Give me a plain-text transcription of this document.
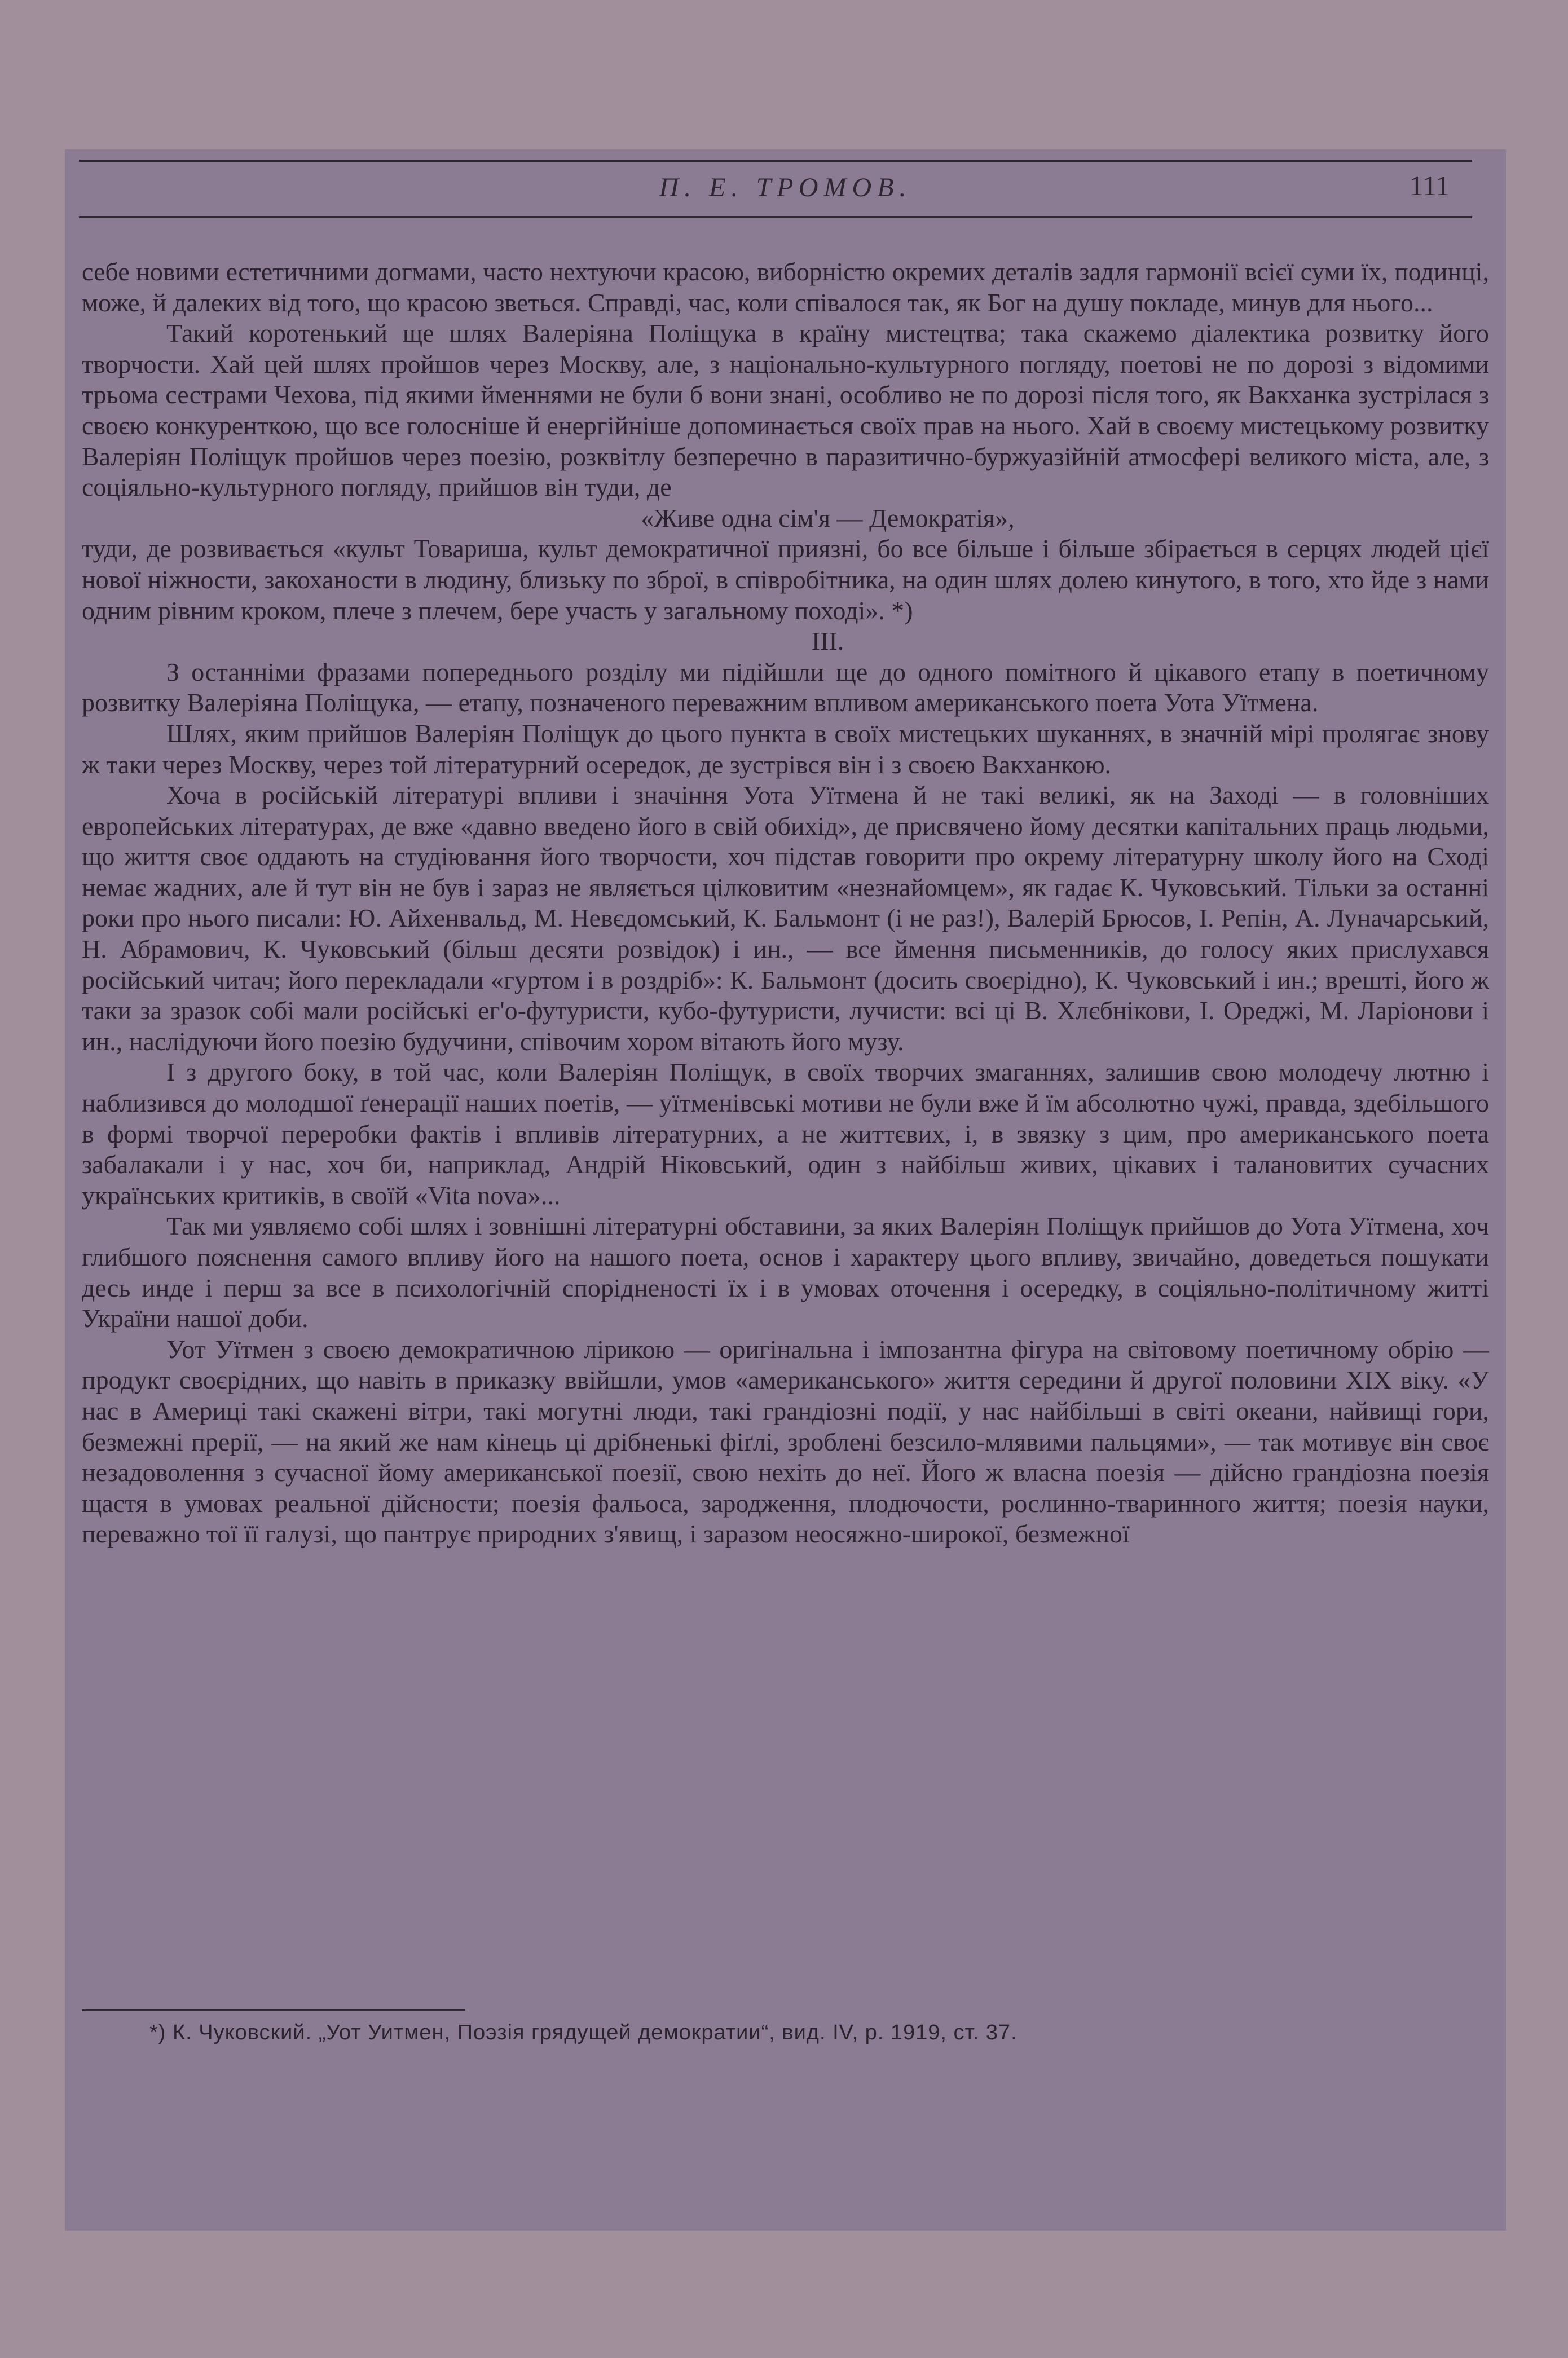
П. Е. ТРОМОВ.	111

себе новими естетичними догмами, часто нехтуючи красою, виборністю окремих деталів задля гармонії всієї суми їх, подинці, може, й далеких від того, що красою зветься. Справді, час, коли співалося так, як Бог на душу покладе, минув для нього...

Такий коротенький ще шлях Валеріяна Поліщука в країну мистецтва; така скажемо діалектика розвитку його творчости. Хай цей шлях пройшов через Москву, але, з національно-культурного погляду, поетові не по дорозі з відомими трьома сестрами Чехова, під якими йменнями не були б вони знані, особливо не по дорозі після того, як Вакханка зустрілася з своєю конкуренткою, що все голосніше й енергійніше допоминається своїх прав на нього. Хай в своєму мистецькому розвитку Валеріян Поліщук пройшов через поезію, розквітлу безперечно в паразитично-буржуазійній атмосфері великого міста, але, з соціяльно-культурного погляду, прийшов він туди, де

«Живе одна сім'я — Демократія»,

туди, де розвивається «культ Товариша, культ демократичної приязні, бо все більше і більше збірається в серцях людей цієї нової ніжности, закоханости в людину, близьку по зброї, в співробітника, на один шлях долею кинутого, в того, хто йде з нами одним рівним кроком, плече з плечем, бере участь у загальному поході». *)

III.

З останніми фразами попереднього розділу ми підійшли ще до одного помітного й цікавого етапу в поетичному розвитку Валеріяна Поліщука, — етапу, позначеного переважним впливом американського поета Уота Уїтмена.

Шлях, яким прийшов Валеріян Поліщук до цього пункта в своїх мистецьких шуканнях, в значній мірі пролягає знову ж таки через Москву, через той літературний осередок, де зустрівся він і з своєю Вакханкою.

Хоча в російській літературі впливи і значіння Уота Уїтмена й не такі великі, як на Заході — в головніших европейських літературах, де вже «давно введено його в свій обихід», де присвячено йому десятки капітальних праць людьми, що життя своє оддають на студіювання його творчости, хоч підстав говорити про окрему літературну школу його на Сході немає жадних, але й тут він не був і зараз не являється цілковитим «незнайомцем», як гадає К. Чуковський. Тільки за останні роки про нього писали: Ю. Айхенвальд, М. Невєдомський, К. Бальмонт (і не раз!), Валерій Брюсов, І. Репін, А. Луначарський, Н. Абрамович, К. Чуковський (більш десяти розвідок) і ин., — все ймення письменників, до голосу яких прислухався російський читач; його перекладали «гуртом і в роздріб»: К. Бальмонт (досить своєрідно), К. Чуковський і ин.; врешті, його ж таки за зразок собі мали російські ег'о-футуристи, кубо-футуристи, лучисти: всі ці В. Хлєбнікови, І. Ореджі, М. Ларіонови і ин., наслідуючи його поезію будучини, співочим хором вітають його музу.

І з другого боку, в той час, коли Валеріян Поліщук, в своїх творчих змаганнях, залишив свою молодечу лютню і наблизився до молодшої ґенерації наших поетів, — уїтменівські мотиви не були вже й їм абсолютно чужі, правда, здебільшого в формі творчої переробки фактів і впливів літературних, а не життєвих, і, в звязку з цим, про американського поета забалакали і у нас, хоч би, наприклад, Андрій Ніковський, один з найбільш живих, цікавих і талановитих сучасних українських критиків, в своїй «Vita nova»...

Так ми уявляємо собі шлях і зовнішні літературні обставини, за яких Валеріян Поліщук прийшов до Уота Уїтмена, хоч глибшого пояснення самого впливу його на нашого поета, основ і характеру цього впливу, звичайно, доведеться пошукати десь инде і перш за все в психологічній спорідненості їх і в умовах оточення і осередку, в соціяльно-політичному житті України нашої доби.

Уот Уїтмен з своєю демократичною лірикою — оригінальна і імпозантна фігура на світовому поетичному обрію — продукт своєрідних, що навіть в приказку ввійшли, умов «американського» життя середини й другої половини XIX віку. «У нас в Америці такі скажені вітри, такі могутні люди, такі грандіозні події, у нас найбільші в світі океани, найвищі гори, безмежні прерії, — на який же нам кінець ці дрібненькі фіґлі, зроблені безсило-млявими пальцями», — так мотивує він своє незадоволення з сучасної йому американської поезії, свою нехіть до неї. Його ж власна поезія — дійсно грандіозна поезія щастя в умовах реальної дійсности; поезія фальоса, зародження, плодючости, рослинно-тваринного життя; поезія науки, переважно тої її галузі, що пантрує природних з'явищ, і заразом неосяжно-широкої, безмежної

*) К. Чуковский. „Уот Уитмен, Поэзія грядущей демократии“, вид. IV, р. 1919, ст. 37.
